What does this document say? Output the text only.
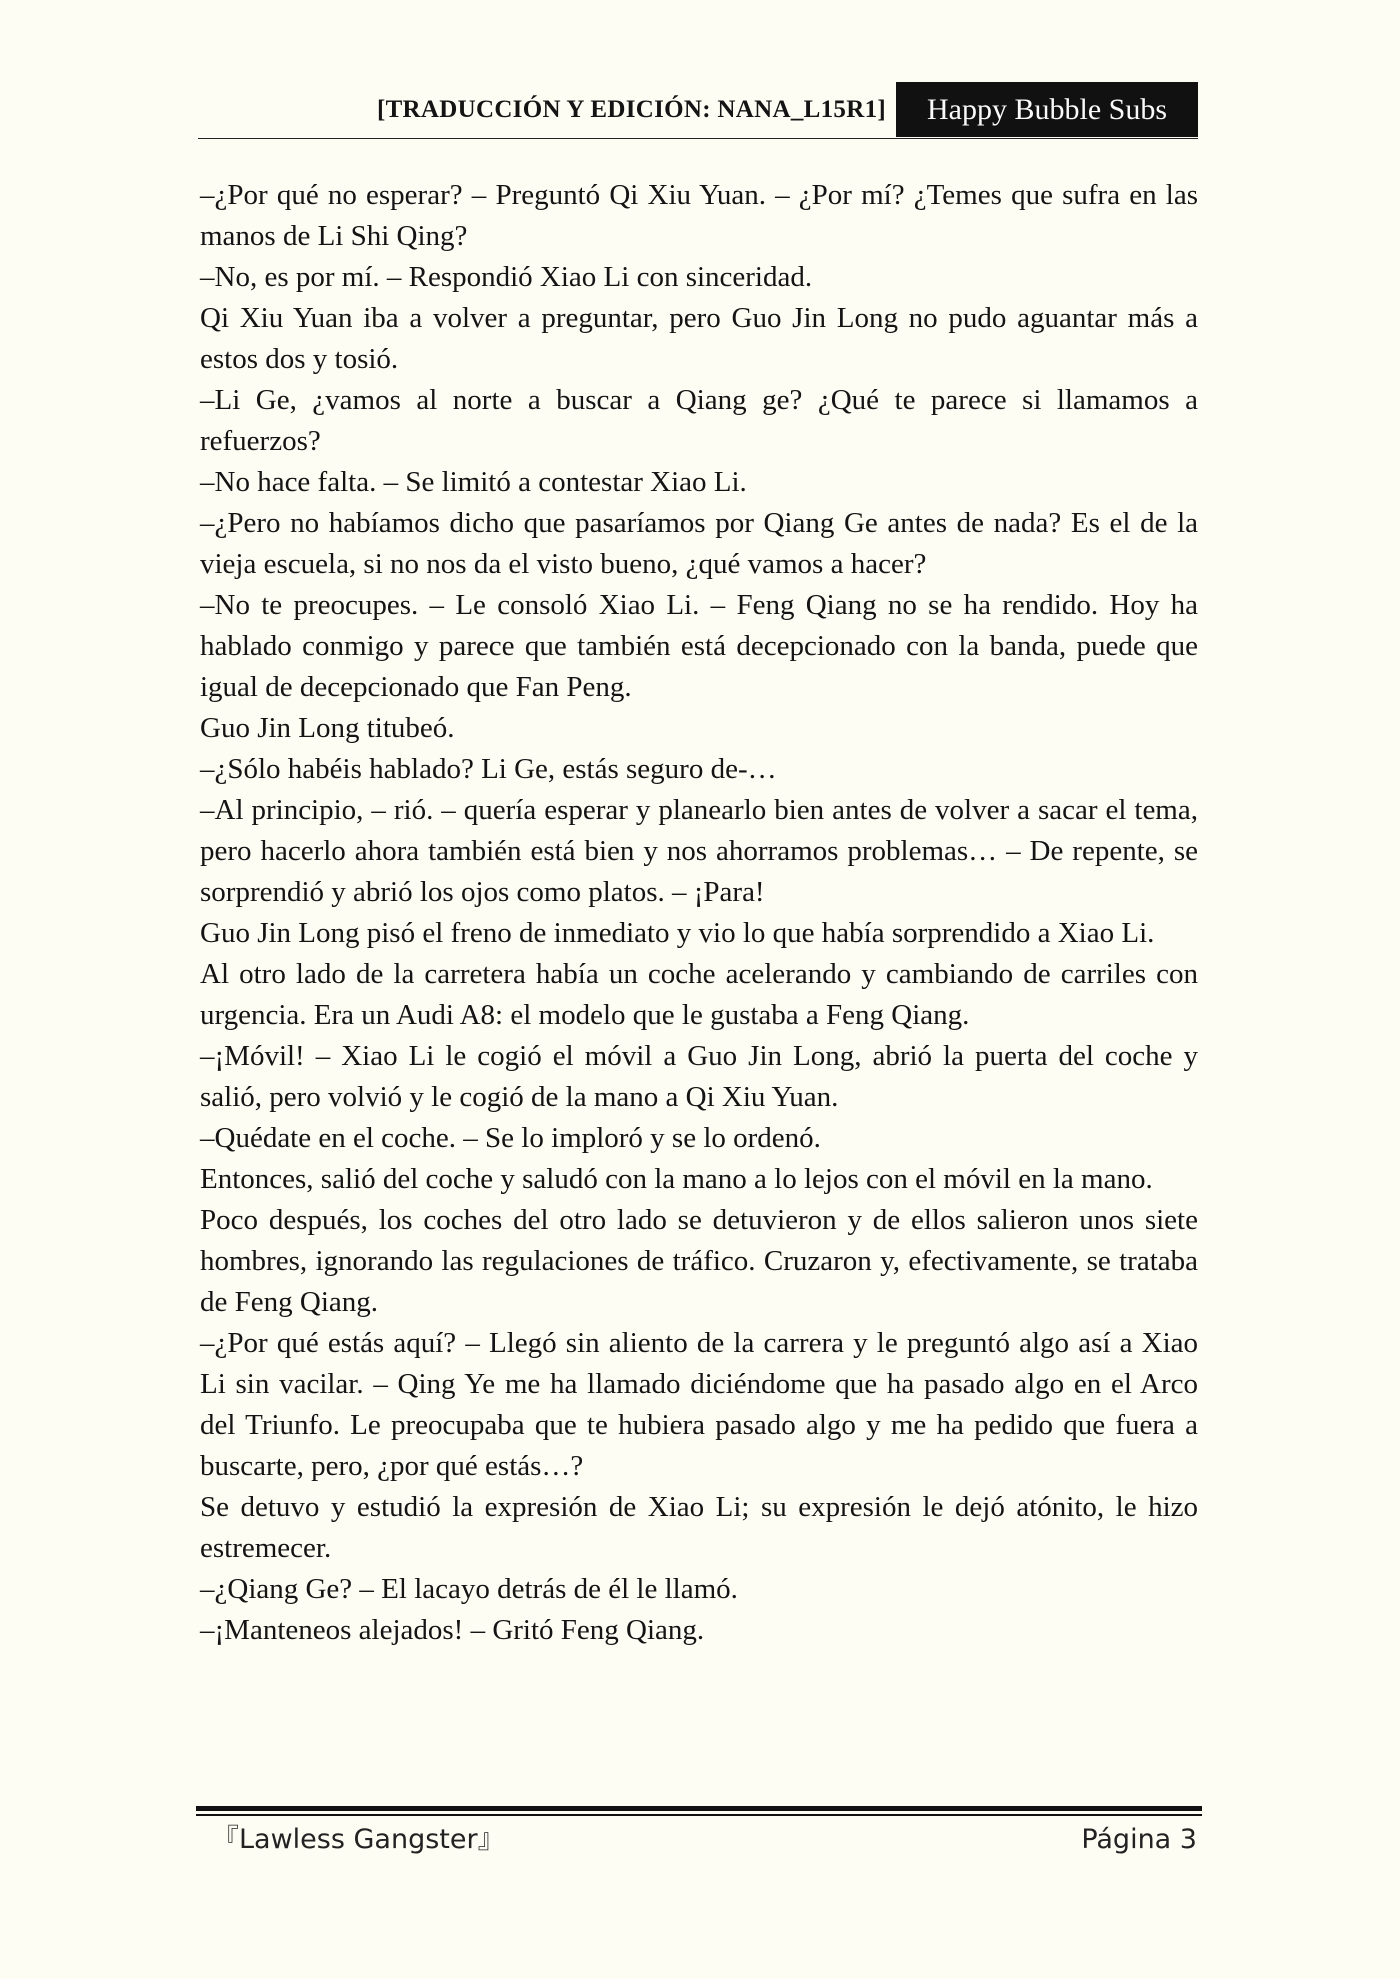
[TRADUCCIÓN Y EDICIÓN: NANA_L15R1]	Happy Bubble Subs

–¿Por qué no esperar? – Preguntó Qi Xiu Yuan. – ¿Por mí? ¿Temes que sufra en las manos de Li Shi Qing?

–No, es por mí. – Respondió Xiao Li con sinceridad.

Qi Xiu Yuan iba a volver a preguntar, pero Guo Jin Long no pudo aguantar más a estos dos y tosió.

–Li Ge, ¿vamos al norte a buscar a Qiang ge? ¿Qué te parece si llamamos a refuerzos?

–No hace falta. – Se limitó a contestar Xiao Li.

–¿Pero no habíamos dicho que pasaríamos por Qiang Ge antes de nada? Es el de la vieja escuela, si no nos da el visto bueno, ¿qué vamos a hacer?

–No te preocupes. – Le consoló Xiao Li. – Feng Qiang no se ha rendido. Hoy ha hablado conmigo y parece que también está decepcionado con la banda, puede que igual de decepcionado que Fan Peng.

Guo Jin Long titubeó.

–¿Sólo habéis hablado? Li Ge, estás seguro de-…

–Al principio, – rió. – quería esperar y planearlo bien antes de volver a sacar el tema, pero hacerlo ahora también está bien y nos ahorramos problemas… – De repente, se sorprendió y abrió los ojos como platos. – ¡Para!

Guo Jin Long pisó el freno de inmediato y vio lo que había sorprendido a Xiao Li.

Al otro lado de la carretera había un coche acelerando y cambiando de carriles con urgencia. Era un Audi A8: el modelo que le gustaba a Feng Qiang.

–¡Móvil! – Xiao Li le cogió el móvil a Guo Jin Long, abrió la puerta del coche y salió, pero volvió y le cogió de la mano a Qi Xiu Yuan.

–Quédate en el coche. – Se lo imploró y se lo ordenó.

Entonces, salió del coche y saludó con la mano a lo lejos con el móvil en la mano.

Poco después, los coches del otro lado se detuvieron y de ellos salieron unos siete hombres, ignorando las regulaciones de tráfico. Cruzaron y, efectivamente, se trataba de Feng Qiang.

–¿Por qué estás aquí? – Llegó sin aliento de la carrera y le preguntó algo así a Xiao Li sin vacilar. – Qing Ye me ha llamado diciéndome que ha pasado algo en el Arco del Triunfo. Le preocupaba que te hubiera pasado algo y me ha pedido que fuera a buscarte, pero, ¿por qué estás…?

Se detuvo y estudió la expresión de Xiao Li; su expresión le dejó atónito, le hizo estremecer.

–¿Qiang Ge? – El lacayo detrás de él le llamó.

–¡Manteneos alejados! – Gritó Feng Qiang.

『Lawless Gangster』	Página 3
